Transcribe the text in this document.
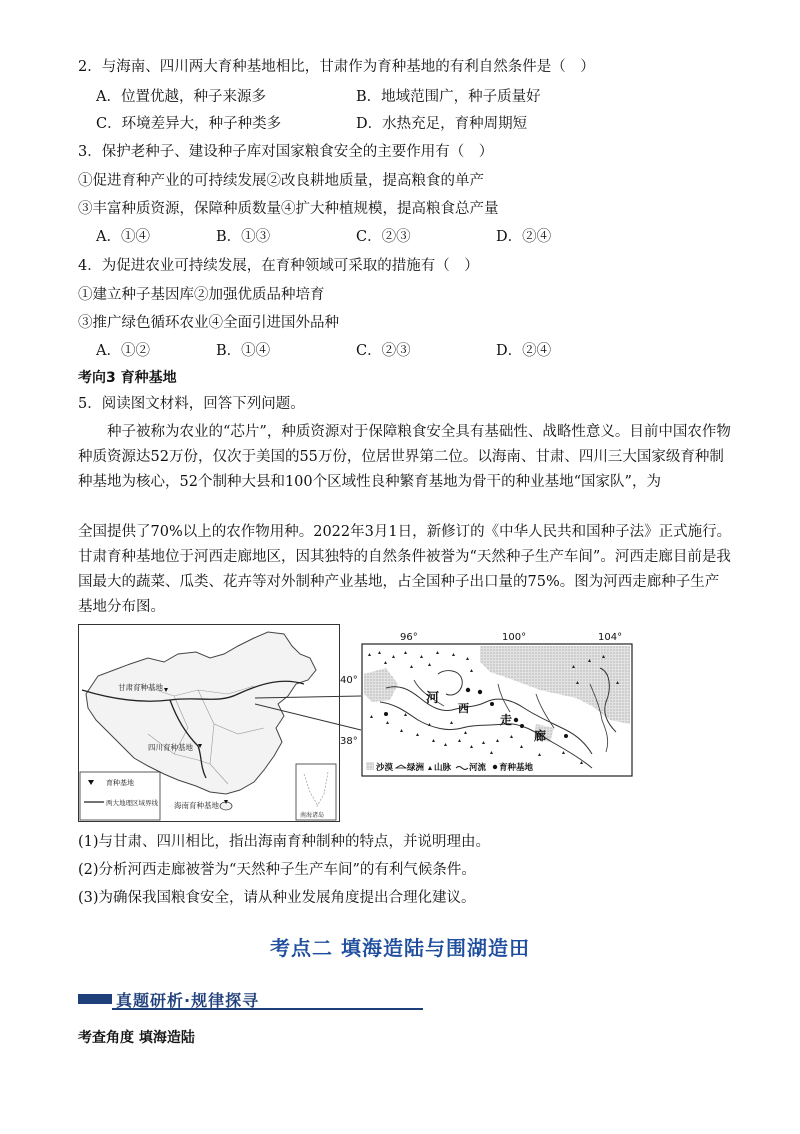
2．与海南、四川两大育种基地相比，甘肃作为育种基地的有利自然条件是（　）
A．位置优越，种子来源多	B．地域范围广，种子质量好
C．环境差异大，种子种类多	D．水热充足，育种周期短
3．保护老种子、建设种子库对国家粮食安全的主要作用有（　）
①促进育种产业的可持续发展②改良耕地质量，提高粮食的单产
③丰富种质资源，保障种质数量④扩大种植规模，提高粮食总产量
A．①④	B．①③	C．②③	D．②④
4．为促进农业可持续发展，在育种领域可采取的措施有（　）
①建立种子基因库②加强优质品种培育
③推广绿色循环农业④全面引进国外品种
A．①②	B．①④	C．②③	D．②④
考向3 育种基地
5．阅读图文材料，回答下列问题。
种子被称为农业的“芯片”，种质资源对于保障粮食安全具有基础性、战略性意义。目前中国农作物种质资源达52万份，仅次于美国的55万份，位居世界第二位。以海南、甘肃、四川三大国家级育种制种基地为核心，52个制种大县和100个区域性良种繁育基地为骨干的种业基地“国家队”，为
全国提供了70%以上的农作物用种。2022年3月1日，新修订的《中华人民共和国种子法》正式施行。甘肃育种基地位于河西走廊地区，因其独特的自然条件被誉为“天然种子生产车间”。河西走廊目前是我国最大的蔬菜、瓜类、花卉等对外制种产业基地，占全国种子出口量的75%。图为河西走廊种子生产基地分布图。
甘肃育种基地
四川育种基地
海南育种基地
育种基地
两大地理区域界线
南海诸岛
96°	100°	104°
40°
38°
河
西
走
廊
沙漠 绿洲 山脉 河流 育种基地
(1)与甘肃、四川相比，指出海南育种制种的特点，并说明理由。
(2)分析河西走廊被誉为“天然种子生产车间”的有利气候条件。
(3)为确保我国粮食安全，请从种业发展角度提出合理化建议。
考点二 填海造陆与围湖造田
真题研析·规律探寻
考查角度 填海造陆
